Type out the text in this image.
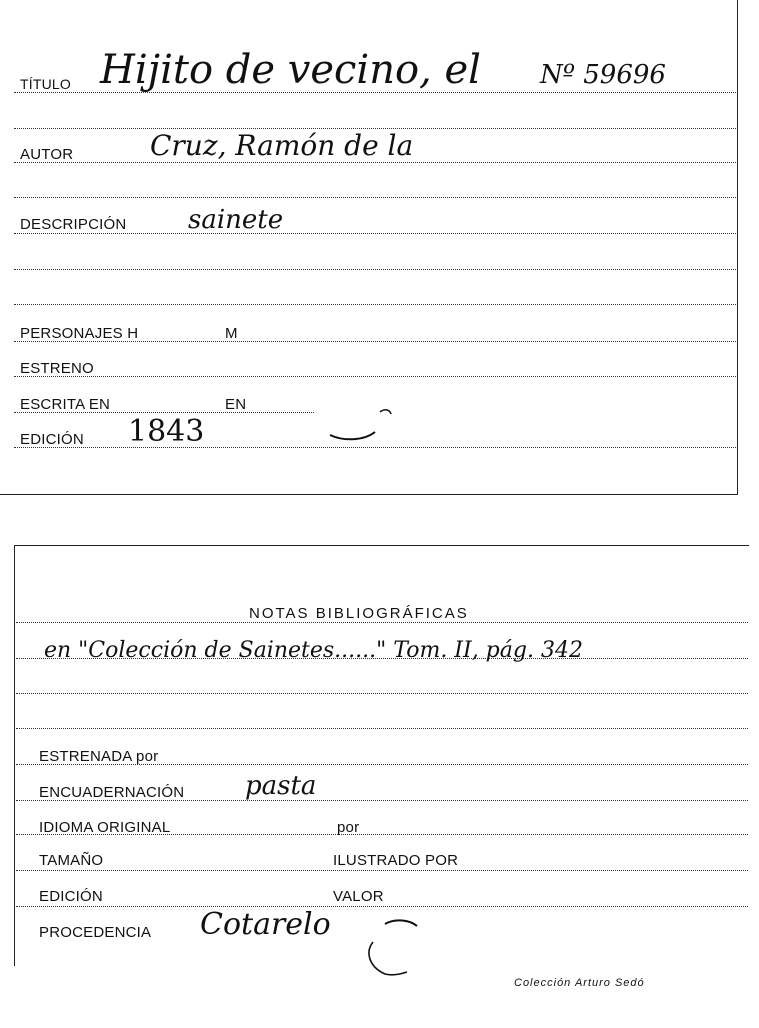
TÍTULO Hijito de vecino, el Nº 59696
AUTOR	Cruz, Ramón de la
DESCRIPCIÓN sainete
PERSONAJES H	M
ESTRENO
ESCRITA EN	EN
EDICIÓN 1843
NOTAS BIBLIOGRÁFICAS
en "Colección de Sainetes......" Tom. II, pág. 342
ESTRENADA por
ENCUADERNACIÓN pasta
IDIOMA ORIGINAL	por
TAMAÑO	ILUSTRADO POR
EDICIÓN	VALOR
PROCEDENCIA Cotarelo
Colección Arturo Sedó
